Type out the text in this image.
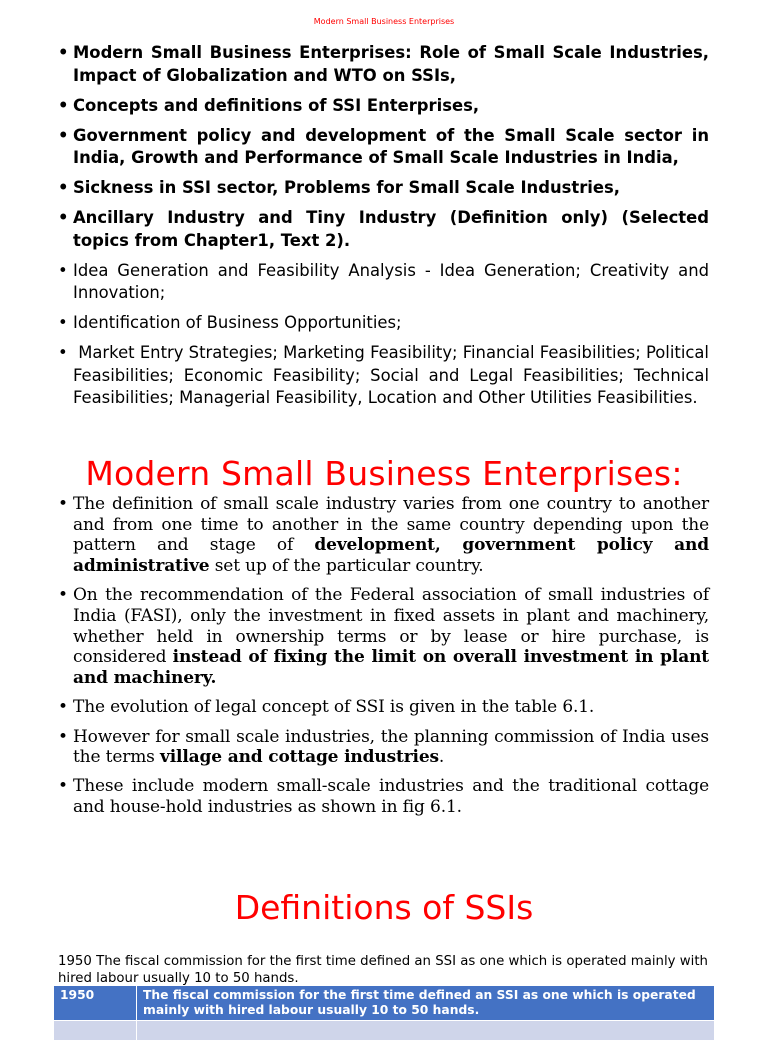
Modern Small Business Enterprises
• Modern Small Business Enterprises: Role of Small Scale Industries, Impact of Globalization and WTO on SSIs,
• Concepts and definitions of SSI Enterprises,
• Government policy and development of the Small Scale sector in India, Growth and Performance of Small Scale Industries in India,
• Sickness in SSI sector, Problems for Small Scale Industries,
• Ancillary Industry and Tiny Industry (Definition only) (Selected topics from Chapter1, Text 2).
• Idea Generation and Feasibility Analysis - Idea Generation; Creativity and Innovation;
• Identification of Business Opportunities;
•  Market Entry Strategies; Marketing Feasibility; Financial Feasibilities; Political Feasibilities; Economic Feasibility; Social and Legal Feasibilities; Technical Feasibilities; Managerial Feasibility, Location and Other Utilities Feasibilities.
Modern Small Business Enterprises:
• The definition of small scale industry varies from one country to another and from one time to another in the same country depending upon the pattern and stage of development, government policy and administrative set up of the particular country.
• On the recommendation of the Federal association of small industries of India (FASI), only the investment in fixed assets in plant and machinery, whether held in ownership terms or by lease or hire purchase, is considered instead of fixing the limit on overall investment in plant and machinery.
• The evolution of legal concept of SSI is given in the table 6.1.
• However for small scale industries, the planning commission of India uses the terms village and cottage industries.
• These include modern small-scale industries and the traditional cottage and house-hold industries as shown in fig 6.1.
Definitions of SSIs
1950 The fiscal commission for the first time defined an SSI as one which is operated mainly with hired labour usually 10 to 50 hands.
1950	The fiscal commission for the first time defined an SSI as one which is operated mainly with hired labour usually 10 to 50 hands.
